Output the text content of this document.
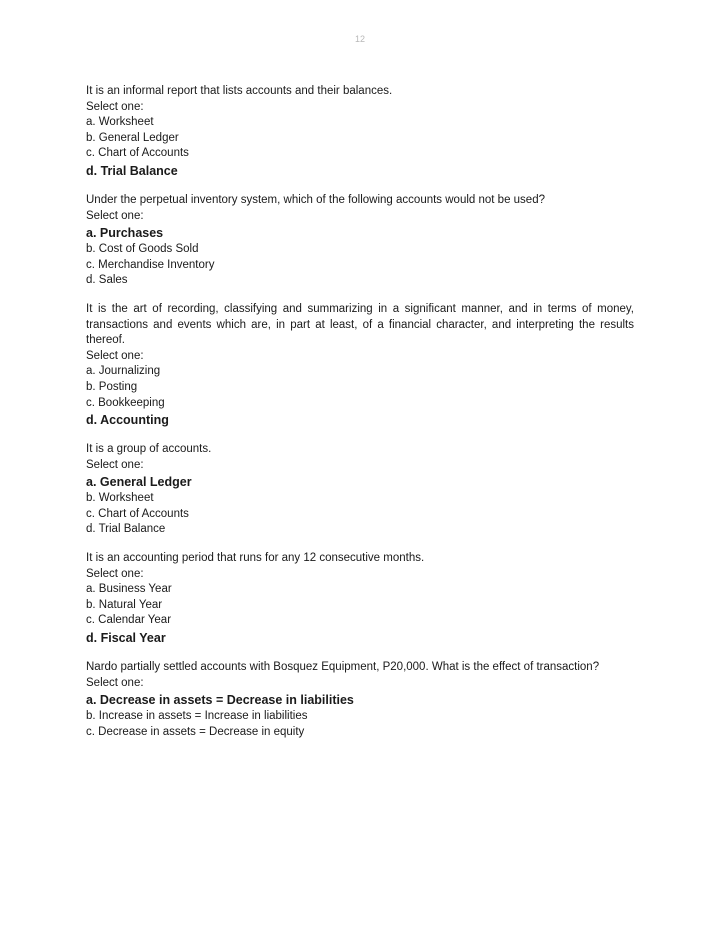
12
It is an informal report that lists accounts and their balances.
Select one:
a. Worksheet
b. General Ledger
c. Chart of Accounts
d. Trial Balance
Under the perpetual inventory system, which of the following accounts would not be used?
Select one:
a. Purchases
b. Cost of Goods Sold
c. Merchandise Inventory
d. Sales
It is the art of recording, classifying and summarizing in a significant manner, and in terms of money, transactions and events which are, in part at least, of a financial character, and interpreting the results thereof.
Select one:
a. Journalizing
b. Posting
c. Bookkeeping
d. Accounting
It is a group of accounts.
Select one:
a. General Ledger
b. Worksheet
c. Chart of Accounts
d. Trial Balance
It is an accounting period that runs for any 12 consecutive months.
Select one:
a. Business Year
b. Natural Year
c. Calendar Year
d. Fiscal Year
Nardo partially settled accounts with Bosquez Equipment, P20,000. What is the effect of transaction?
Select one:
a. Decrease in assets = Decrease in liabilities
b. Increase in assets = Increase in liabilities
c. Decrease in assets = Decrease in equity
